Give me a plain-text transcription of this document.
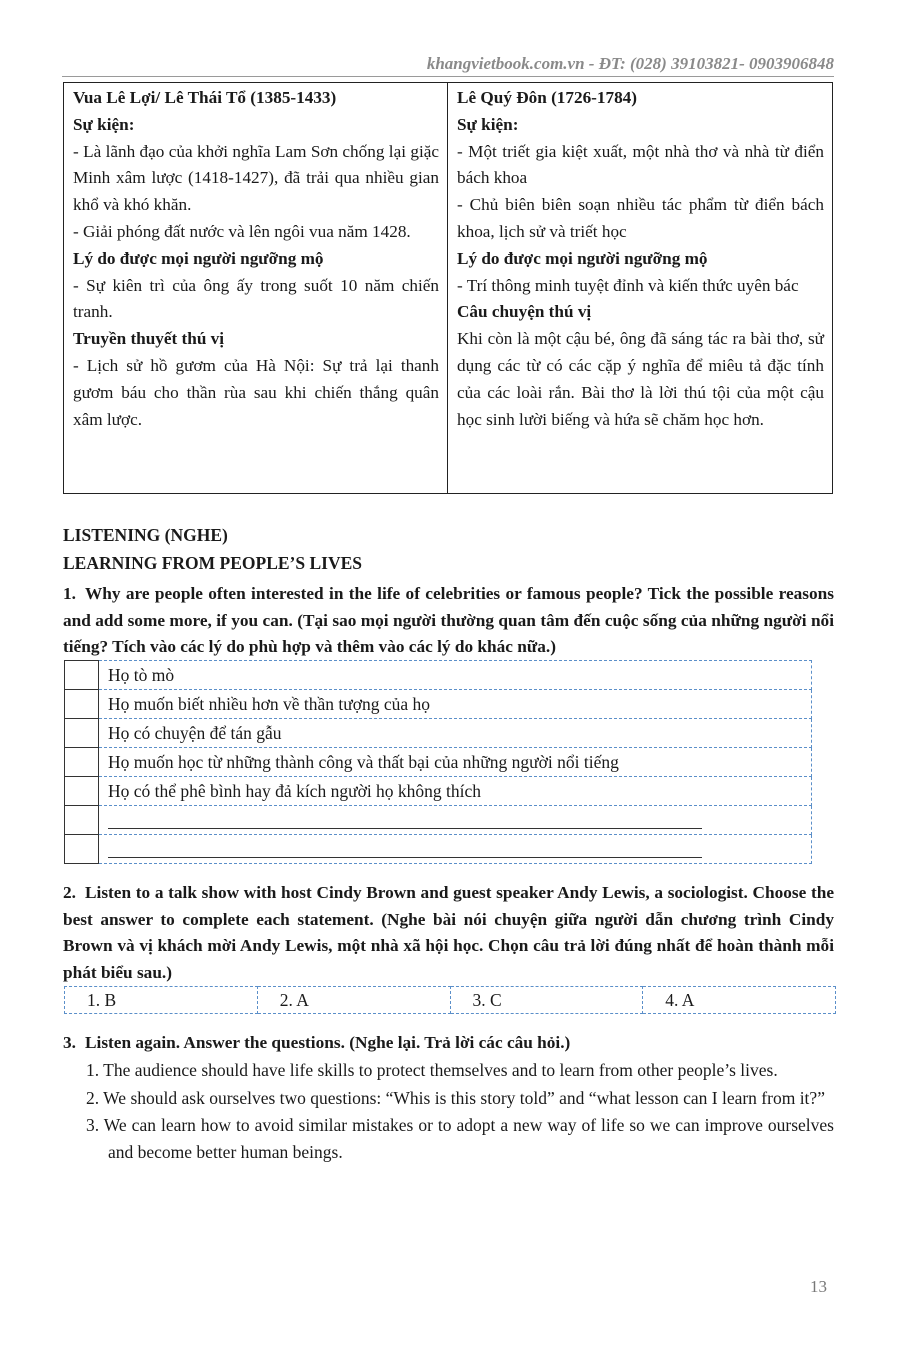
khangvietbook.com.vn - ĐT: (028) 39103821- 0903906848

Vua Lê Lợi/ Lê Thái Tổ (1385-1433)

Sự kiện:

- Là lãnh đạo của khởi nghĩa Lam Sơn chống lại giặc Minh xâm lược (1418-1427), đã trải qua nhiều gian khổ và khó khăn.

- Giải phóng đất nước và lên ngôi vua năm 1428.

Lý do được mọi người ngưỡng mộ

- Sự kiên trì của ông ấy trong suốt 10 năm chiến tranh.

Truyền thuyết thú vị

- Lịch sử hồ gươm của Hà Nội: Sự trả lại thanh gươm báu cho thần rùa sau khi chiến thắng quân xâm lược.

Lê Quý Đôn (1726-1784)

Sự kiện:

- Một triết gia kiệt xuất, một nhà thơ và nhà từ điển bách khoa

- Chủ biên biên soạn nhiều tác phẩm từ điển bách khoa, lịch sử và triết học

Lý do được mọi người ngưỡng mộ

- Trí thông minh tuyệt đỉnh và kiến thức uyên bác

Câu chuyện thú vị

Khi còn là một cậu bé, ông đã sáng tác ra bài thơ, sử dụng các từ có các cặp ý nghĩa để miêu tả đặc tính của các loài rắn. Bài thơ là lời thú tội của một cậu học sinh lười biếng và hứa sẽ chăm học hơn.

LISTENING (NGHE)
LEARNING FROM PEOPLE’S LIVES
1. Why are people often interested in the life of celebrities or famous people? Tick the possible reasons and add some more, if you can. (Tại sao mọi người thường quan tâm đến cuộc sống của những người nổi tiếng? Tích vào các lý do phù hợp và thêm vào các lý do khác nữa.)
	Họ tò mò
	Họ muốn biết nhiều hơn về thần tượng của họ
	Họ có chuyện để tán gẫu
	Họ muốn học từ những thành công và thất bại của những người nổi tiếng
	Họ có thể phê bình hay đả kích người họ không thích

2. Listen to a talk show with host Cindy Brown and guest speaker Andy Lewis, a sociologist. Choose the best answer to complete each statement. (Nghe bài nói chuyện giữa người dẫn chương trình Cindy Brown và vị khách mời Andy Lewis, một nhà xã hội học. Chọn câu trả lời đúng nhất để hoàn thành mỗi phát biểu sau.)
1. B	2. A	3. C	4. A
3. Listen again. Answer the questions. (Nghe lại. Trả lời các câu hỏi.)
1. The audience should have life skills to protect themselves and to learn from other people’s lives.
2. We should ask ourselves two questions: “Whis is this story told” and “what lesson can I learn from it?”
3. We can learn how to avoid similar mistakes or to adopt a new way of life so we can improve ourselves and become better human beings.
13
